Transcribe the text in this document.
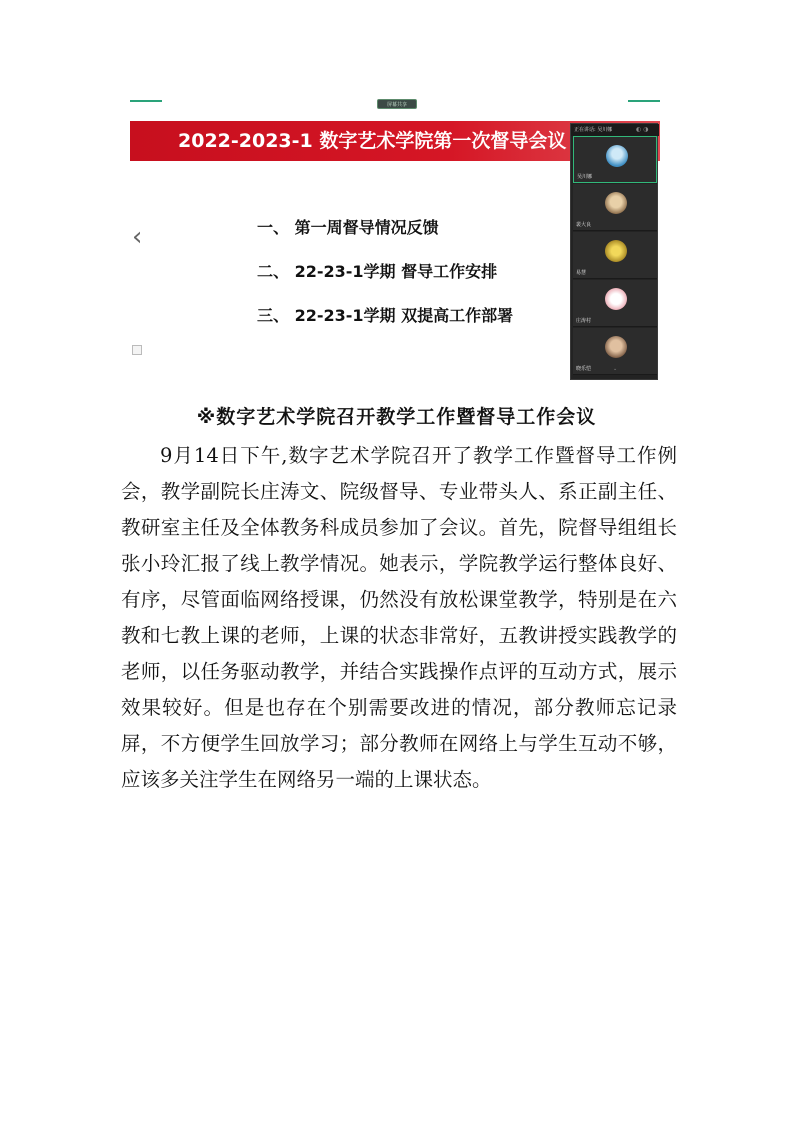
屏幕共享
2022-2023-1 数字艺术学院第一次督导会议
‹	一、 第一周督导情况反馈
二、 22-23-1学期 督导工作安排
三、 22-23-1学期 双提高工作部署
正在讲话: 吴川娜	◐ ◑
吴川娜
裴大良
易慧
庄涛村
晓乐恺	⌄
※数字艺术学院召开教学工作暨督导工作会议

9月14日下午,数字艺术学院召开了教学工作暨督导工作例会，教学副院长庄涛文、院级督导、专业带头人、系正副主任、教研室主任及全体教务科成员参加了会议。首先，院督导组组长张小玲汇报了线上教学情况。她表示，学院教学运行整体良好、有序，尽管面临网络授课，仍然没有放松课堂教学，特别是在六教和七教上课的老师，上课的状态非常好，五教讲授实践教学的老师，以任务驱动教学，并结合实践操作点评的互动方式，展示效果较好。但是也存在个别需要改进的情况，部分教师忘记录屏，不方便学生回放学习；部分教师在网络上与学生互动不够，应该多关注学生在网络另一端的上课状态。
